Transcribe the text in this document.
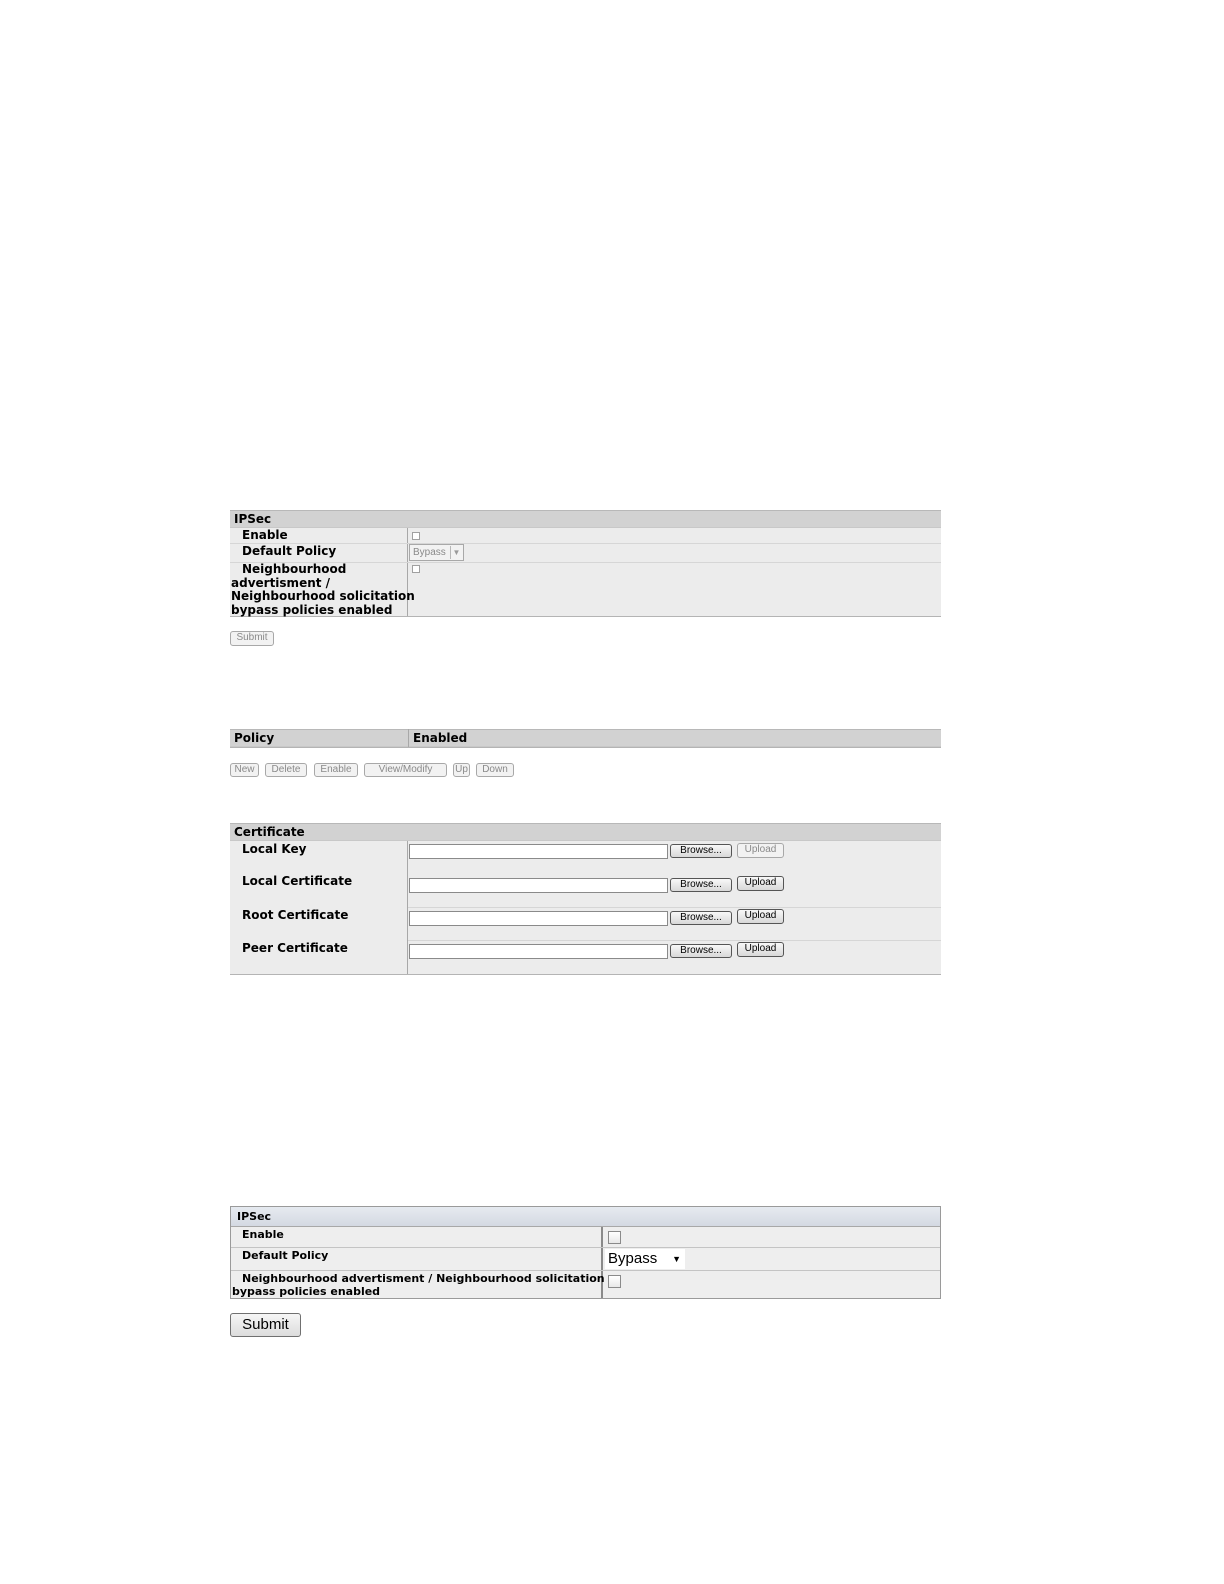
IPSec
Enable
Default Policy	Bypass ▼
Neighbourhood
advertisment /
Neighbourhood solicitation
bypass policies enabled
Submit
Policy	Enabled
New	Delete	Enable	View/Modify	Up	Down
Certificate
Local Key	Browse...	Upload
Local Certificate	Browse...	Upload
Root Certificate	Browse...	Upload
Peer Certificate	Browse...	Upload
IPSec
Enable
Default Policy	Bypass ▼
Neighbourhood advertisment / Neighbourhood solicitation
bypass policies enabled
Submit
